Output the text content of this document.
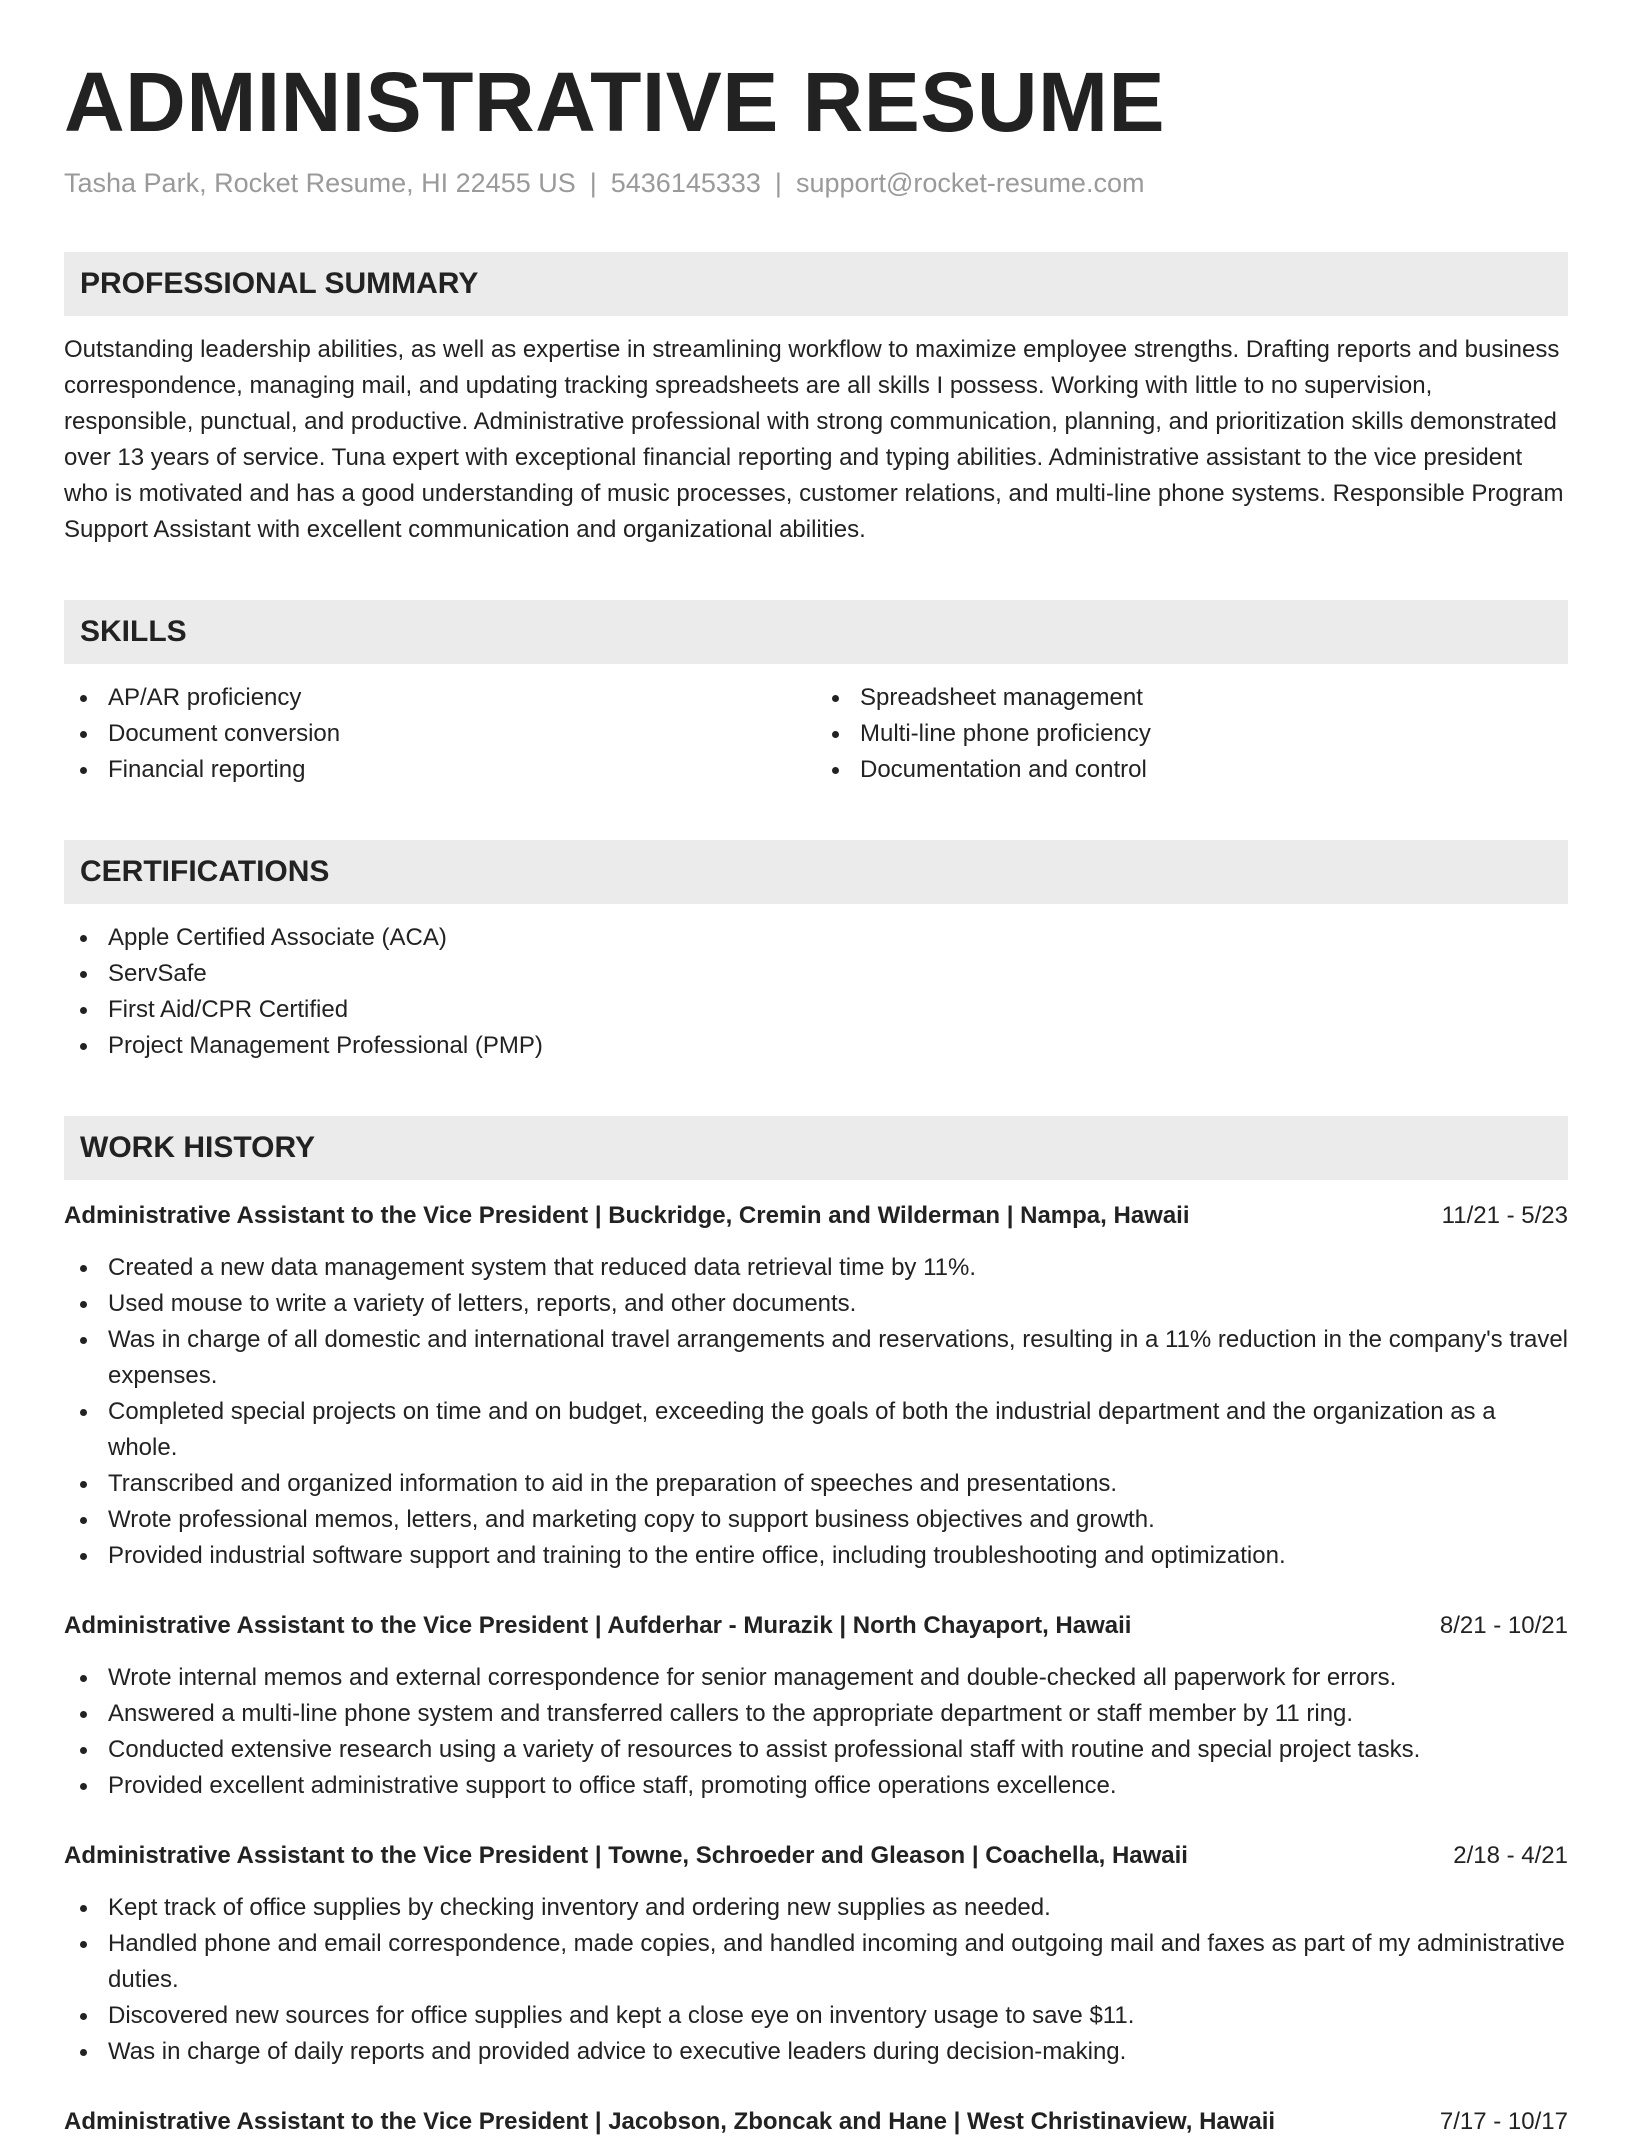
ADMINISTRATIVE RESUME
Tasha Park, Rocket Resume, HI 22455 US | 5436145333 | support@rocket-resume.com
PROFESSIONAL SUMMARY

Outstanding leadership abilities, as well as expertise in streamlining workflow to maximize employee strengths. Drafting reports and business correspondence, managing mail, and updating tracking spreadsheets are all skills I possess. Working with little to no supervision, responsible, punctual, and productive. Administrative professional with strong communication, planning, and prioritization skills demonstrated over 13 years of service. Tuna expert with exceptional financial reporting and typing abilities. Administrative assistant to the vice president who is motivated and has a good understanding of music processes, customer relations, and multi-line phone systems. Responsible Program Support Assistant with excellent communication and organizational abilities.

SKILLS
AP/AR proficiency
Document conversion
Financial reporting
Spreadsheet management
Multi-line phone proficiency
Documentation and control
CERTIFICATIONS
Apple Certified Associate (ACA)
ServSafe
First Aid/CPR Certified
Project Management Professional (PMP)
WORK HISTORY
Administrative Assistant to the Vice President | Buckridge, Cremin and Wilderman | Nampa, Hawaii	11/21 - 5/23
Created a new data management system that reduced data retrieval time by 11%.
Used mouse to write a variety of letters, reports, and other documents.
Was in charge of all domestic and international travel arrangements and reservations, resulting in a 11% reduction in the company's travel expenses.
Completed special projects on time and on budget, exceeding the goals of both the industrial department and the organization as a whole.
Transcribed and organized information to aid in the preparation of speeches and presentations.
Wrote professional memos, letters, and marketing copy to support business objectives and growth.
Provided industrial software support and training to the entire office, including troubleshooting and optimization.
Administrative Assistant to the Vice President | Aufderhar - Murazik | North Chayaport, Hawaii	8/21 - 10/21
Wrote internal memos and external correspondence for senior management and double-checked all paperwork for errors.
Answered a multi-line phone system and transferred callers to the appropriate department or staff member by 11 ring.
Conducted extensive research using a variety of resources to assist professional staff with routine and special project tasks.
Provided excellent administrative support to office staff, promoting office operations excellence.
Administrative Assistant to the Vice President | Towne, Schroeder and Gleason | Coachella, Hawaii	2/18 - 4/21
Kept track of office supplies by checking inventory and ordering new supplies as needed.
Handled phone and email correspondence, made copies, and handled incoming and outgoing mail and faxes as part of my administrative duties.
Discovered new sources for office supplies and kept a close eye on inventory usage to save $11.
Was in charge of daily reports and provided advice to executive leaders during decision-making.
Administrative Assistant to the Vice President | Jacobson, Zboncak and Hane | West Christinaview, Hawaii	7/17 - 10/17
